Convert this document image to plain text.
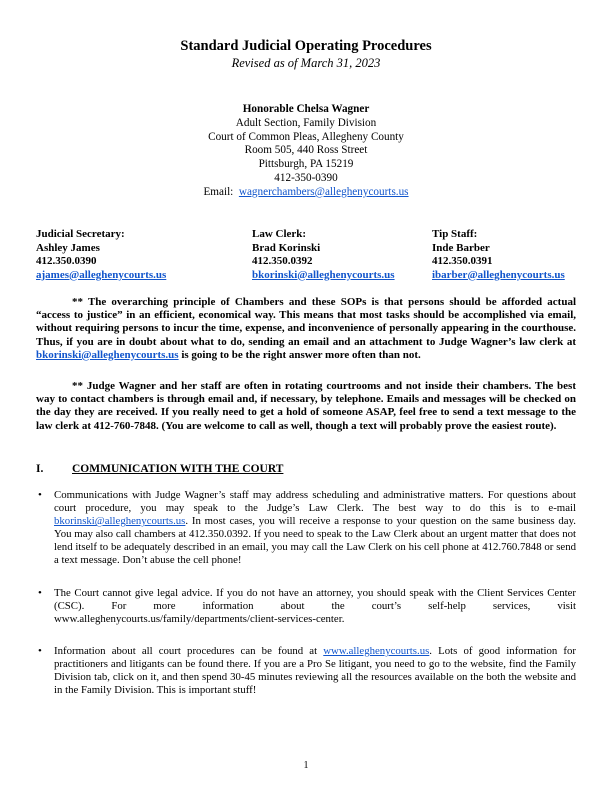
Standard Judicial Operating Procedures
Revised as of March 31, 2023
Honorable Chelsa Wagner
Adult Section, Family Division
Court of Common Pleas, Allegheny County
Room 505, 440 Ross Street
Pittsburgh, PA 15219
412-350-0390
Email: wagnerchambers@alleghenycourts.us
Judicial Secretary:
Ashley James
412.350.0390
ajames@alleghenycourts.us
Law Clerk:
Brad Korinski
412.350.0392
bkorinski@alleghenycourts.us
Tip Staff:
Inde Barber
412.350.0391
ibarber@alleghenycourts.us
** The overarching principle of Chambers and these SOPs is that persons should be afforded actual “access to justice” in an efficient, economical way. This means that most tasks should be accomplished via email, without requiring persons to incur the time, expense, and inconvenience of personally appearing in the courthouse. Thus, if you are in doubt about what to do, sending an email and an attachment to Judge Wagner’s law clerk at bkorinski@alleghenycourts.us is going to be the right answer more often than not.
** Judge Wagner and her staff are often in rotating courtrooms and not inside their chambers. The best way to contact chambers is through email and, if necessary, by telephone. Emails and messages will be checked on the day they are received. If you really need to get a hold of someone ASAP, feel free to send a text message to the law clerk at 412-760-7848. (You are welcome to call as well, though a text will probably prove the easiest route).
I. COMMUNICATION WITH THE COURT
• Communications with Judge Wagner’s staff may address scheduling and administrative matters. For questions about court procedure, you may speak to the Judge’s Law Clerk. The best way to do this is to e-mail bkorinski@alleghenycourts.us. In most cases, you will receive a response to your question on the same business day. You may also call chambers at 412.350.0392. If you need to speak to the Law Clerk about an urgent matter that does not lend itself to be adequately described in an email, you may call the Law Clerk on his cell phone at 412.760.7848 or send a text message. Don’t abuse the cell phone!
• The Court cannot give legal advice. If you do not have an attorney, you should speak with the Client Services Center (CSC). For more information about the court’s self-help services, visit www.alleghenycourts.us/family/departments/client-services-center.
• Information about all court procedures can be found at www.alleghenycourts.us. Lots of good information for practitioners and litigants can be found there. If you are a Pro Se litigant, you need to go to the website, find the Family Division tab, click on it, and then spend 30-45 minutes reviewing all the resources available on the both the website and in the Family Division. This is important stuff!
1
